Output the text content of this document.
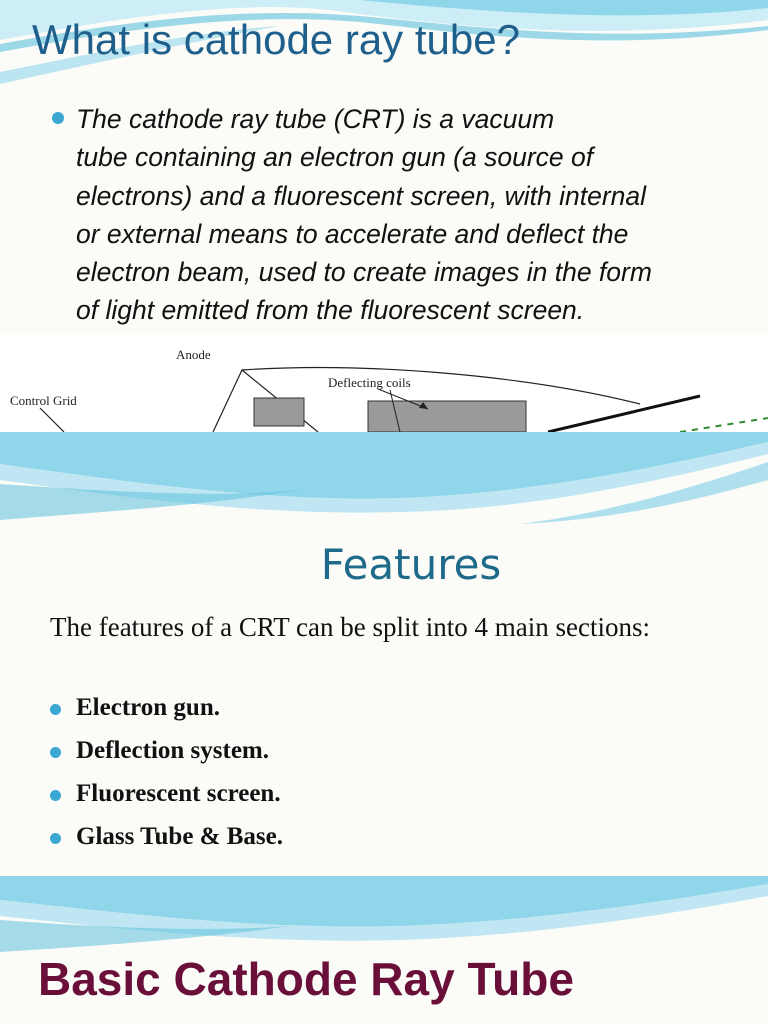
What is cathode ray tube?
The cathode ray tube (CRT) is a vacuum
tube containing an electron gun (a source of
electrons) and a fluorescent screen, with internal
or external means to accelerate and deflect the
electron beam, used to create images in the form
of light emitted from the fluorescent screen.
Anode
Deflecting coils
Control Grid
Features
The features of a CRT can be split into 4 main sections:
Electron gun.
Deflection system.
Fluorescent screen.
Glass Tube & Base.
Basic Cathode Ray Tube
